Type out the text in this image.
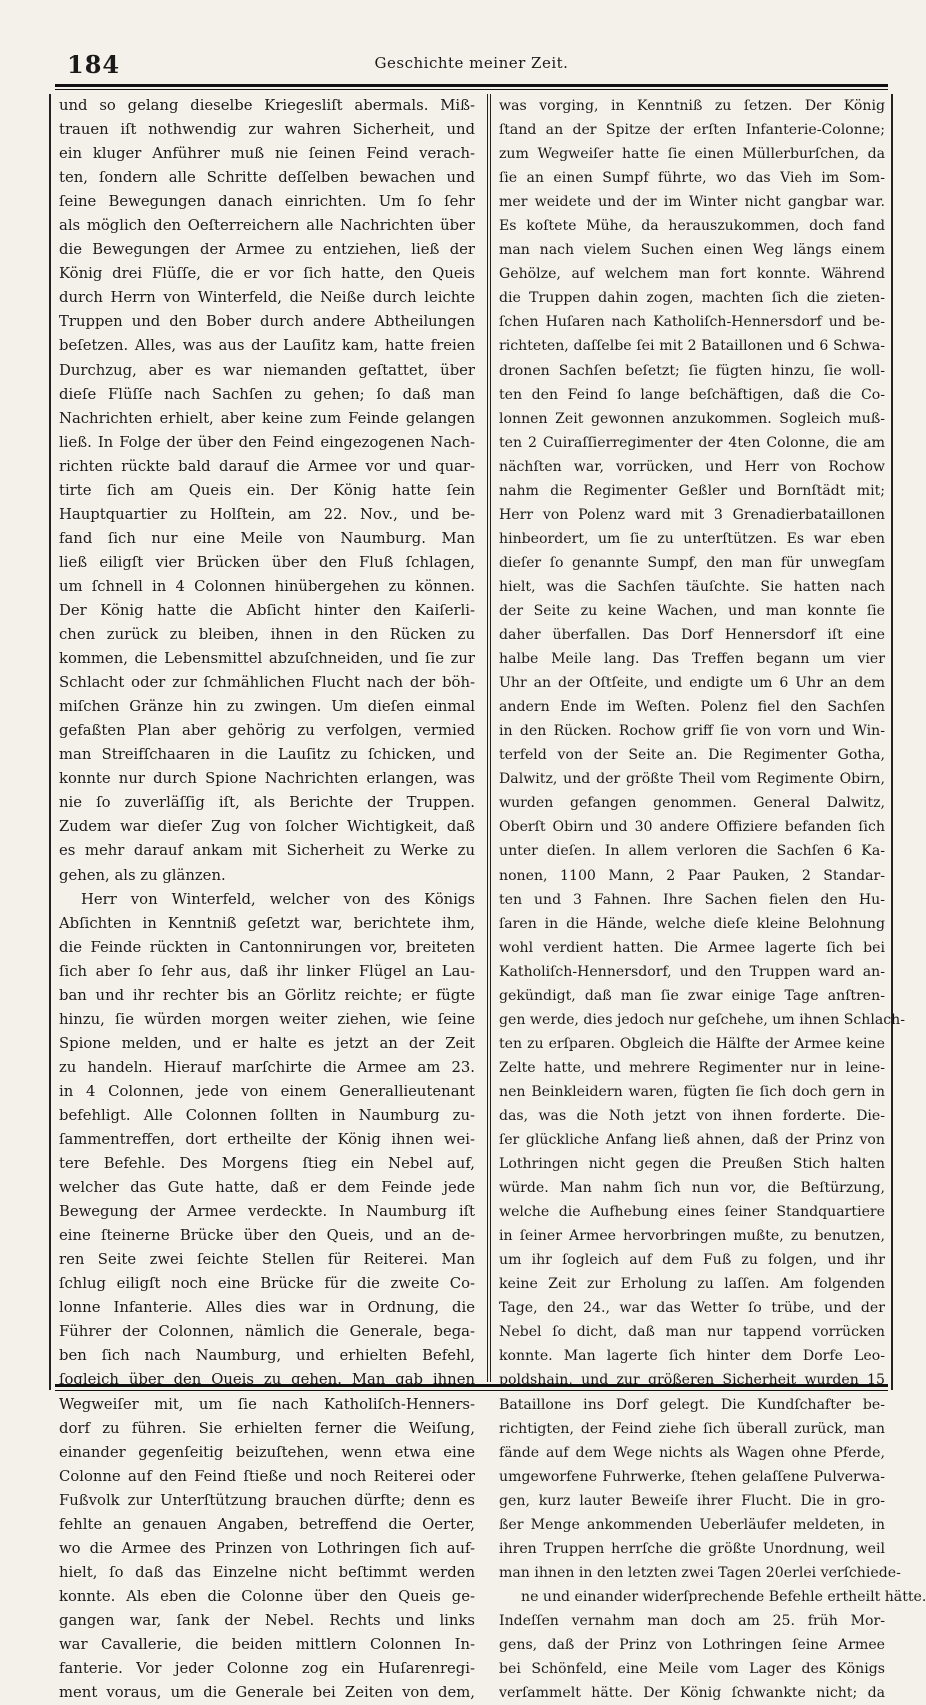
184	Geschichte meiner Zeit.
und so gelang dieselbe Kriegesliſt abermals. Miß-
trauen iſt nothwendig zur wahren Sicherheit, und
ein kluger Anführer muß nie ſeinen Feind verach-
ten, ſondern alle Schritte deſſelben bewachen und
ſeine Bewegungen danach einrichten. Um ſo ſehr
als möglich den Oeſterreichern alle Nachrichten über
die Bewegungen der Armee zu entziehen, ließ der
König drei Flüſſe, die er vor ſich hatte, den Queis
durch Herrn von Winterfeld, die Neiße durch leichte
Truppen und den Bober durch andere Abtheilungen
beſetzen. Alles, was aus der Lauſitz kam, hatte freien
Durchzug, aber es war niemanden geſtattet, über
dieſe Flüſſe nach Sachſen zu gehen; ſo daß man
Nachrichten erhielt, aber keine zum Feinde gelangen
ließ. In Folge der über den Feind eingezogenen Nach-
richten rückte bald darauf die Armee vor und quar-
tirte ſich am Queis ein. Der König hatte ſein
Hauptquartier zu Holſtein, am 22. Nov., und be-
fand ſich nur eine Meile von Naumburg. Man
ließ eiligſt vier Brücken über den Fluß ſchlagen,
um ſchnell in 4 Colonnen hinübergehen zu können.
Der König hatte die Abſicht hinter den Kaiſerli-
chen zurück zu bleiben, ihnen in den Rücken zu
kommen, die Lebensmittel abzuſchneiden, und ſie zur
Schlacht oder zur ſchmählichen Flucht nach der böh-
miſchen Gränze hin zu zwingen. Um dieſen einmal
gefaßten Plan aber gehörig zu verfolgen, vermied
man Streifſchaaren in die Lauſitz zu ſchicken, und
konnte nur durch Spione Nachrichten erlangen, was
nie ſo zuverläſſig iſt, als Berichte der Truppen.
Zudem war dieſer Zug von ſolcher Wichtigkeit, daß
es mehr darauf ankam mit Sicherheit zu Werke zu
gehen, als zu glänzen.
Herr von Winterfeld, welcher von des Königs
Abſichten in Kenntniß geſetzt war, berichtete ihm,
die Feinde rückten in Cantonnirungen vor, breiteten
ſich aber ſo ſehr aus, daß ihr linker Flügel an Lau-
ban und ihr rechter bis an Görlitz reichte; er fügte
hinzu, ſie würden morgen weiter ziehen, wie ſeine
Spione melden, und er halte es jetzt an der Zeit
zu handeln. Hierauf marſchirte die Armee am 23.
in 4 Colonnen, jede von einem Generallieutenant
befehligt. Alle Colonnen ſollten in Naumburg zu-
ſammentreffen, dort ertheilte der König ihnen wei-
tere Befehle. Des Morgens ſtieg ein Nebel auf,
welcher das Gute hatte, daß er dem Feinde jede
Bewegung der Armee verdeckte. In Naumburg iſt
eine ſteinerne Brücke über den Queis, und an de-
ren Seite zwei ſeichte Stellen für Reiterei. Man
ſchlug eiligſt noch eine Brücke für die zweite Co-
lonne Infanterie. Alles dies war in Ordnung, die
Führer der Colonnen, nämlich die Generale, bega-
ben ſich nach Naumburg, und erhielten Befehl,
ſogleich über den Queis zu gehen. Man gab ihnen
Wegweiſer mit, um ſie nach Katholiſch-Henners-
dorf zu führen. Sie erhielten ferner die Weiſung,
einander gegenſeitig beizuſtehen, wenn etwa eine
Colonne auf den Feind ſtieße und noch Reiterei oder
Fußvolk zur Unterſtützung brauchen dürfte; denn es
fehlte an genauen Angaben, betreffend die Oerter,
wo die Armee des Prinzen von Lothringen ſich auf-
hielt, ſo daß das Einzelne nicht beſtimmt werden
konnte. Als eben die Colonne über den Queis ge-
gangen war, ſank der Nebel. Rechts und links
war Cavallerie, die beiden mittlern Colonnen In-
fanterie. Vor jeder Colonne zog ein Huſarenregi-
ment voraus, um die Generale bei Zeiten von dem,
was vorging, in Kenntniß zu ſetzen. Der König
ſtand an der Spitze der erſten Infanterie-Colonne;
zum Wegweiſer hatte ſie einen Müllerburſchen, da
ſie an einen Sumpf führte, wo das Vieh im Som-
mer weidete und der im Winter nicht gangbar war.
Es koſtete Mühe, da herauszukommen, doch fand
man nach vielem Suchen einen Weg längs einem
Gehölze, auf welchem man fort konnte. Während
die Truppen dahin zogen, machten ſich die zieten-
ſchen Huſaren nach Katholiſch-Hennersdorf und be-
richteten, daſſelbe ſei mit 2 Bataillonen und 6 Schwa-
dronen Sachſen beſetzt; ſie fügten hinzu, ſie woll-
ten den Feind ſo lange beſchäftigen, daß die Co-
lonnen Zeit gewonnen anzukommen. Sogleich muß-
ten 2 Cuiraſſierregimenter der 4ten Colonne, die am
nächſten war, vorrücken, und Herr von Rochow
nahm die Regimenter Geßler und Bornſtädt mit;
Herr von Polenz ward mit 3 Grenadierbataillonen
hinbeordert, um ſie zu unterſtützen. Es war eben
dieſer ſo genannte Sumpf, den man für unwegſam
hielt, was die Sachſen täuſchte. Sie hatten nach
der Seite zu keine Wachen, und man konnte ſie
daher überfallen. Das Dorf Hennersdorf iſt eine
halbe Meile lang. Das Treffen begann um vier
Uhr an der Oſtſeite, und endigte um 6 Uhr an dem
andern Ende im Weſten. Polenz fiel den Sachſen
in den Rücken. Rochow griff ſie von vorn und Win-
terfeld von der Seite an. Die Regimenter Gotha,
Dalwitz, und der größte Theil vom Regimente Obirn,
wurden gefangen genommen. General Dalwitz,
Oberſt Obirn und 30 andere Offiziere befanden ſich
unter dieſen. In allem verloren die Sachſen 6 Ka-
nonen, 1100 Mann, 2 Paar Pauken, 2 Standar-
ten und 3 Fahnen. Ihre Sachen fielen den Hu-
ſaren in die Hände, welche dieſe kleine Belohnung
wohl verdient hatten. Die Armee lagerte ſich bei
Katholiſch-Hennersdorf, und den Truppen ward an-
gekündigt, daß man ſie zwar einige Tage anſtren-
gen werde, dies jedoch nur geſchehe, um ihnen Schlach-
ten zu erſparen. Obgleich die Hälfte der Armee keine
Zelte hatte, und mehrere Regimenter nur in leine-
nen Beinkleidern waren, fügten ſie ſich doch gern in
das, was die Noth jetzt von ihnen forderte. Die-
ſer glückliche Anfang ließ ahnen, daß der Prinz von
Lothringen nicht gegen die Preußen Stich halten
würde. Man nahm ſich nun vor, die Beſtürzung,
welche die Aufhebung eines ſeiner Standquartiere
in ſeiner Armee hervorbringen mußte, zu benutzen,
um ihr ſogleich auf dem Fuß zu folgen, und ihr
keine Zeit zur Erholung zu laſſen. Am folgenden
Tage, den 24., war das Wetter ſo trübe, und der
Nebel ſo dicht, daß man nur tappend vorrücken
konnte. Man lagerte ſich hinter dem Dorfe Leo-
poldshain, und zur größeren Sicherheit wurden 15
Bataillone ins Dorf gelegt. Die Kundſchafter be-
richtigten, der Feind ziehe ſich überall zurück, man
fände auf dem Wege nichts als Wagen ohne Pferde,
umgeworfene Fuhrwerke, ſtehen gelaſſene Pulverwa-
gen, kurz lauter Beweiſe ihrer Flucht. Die in gro-
ßer Menge ankommenden Ueberläufer meldeten, in
ihren Truppen herrſche die größte Unordnung, weil
man ihnen in den letzten zwei Tagen 20erlei verſchiede-
ne und einander widerſprechende Befehle ertheilt hätte.
Indeſſen vernahm man doch am 25. früh Mor-
gens, daß der Prinz von Lothringen ſeine Armee
bei Schönfeld, eine Meile vom Lager des Königs
verſammelt hätte. Der König ſchwankte nicht; da
